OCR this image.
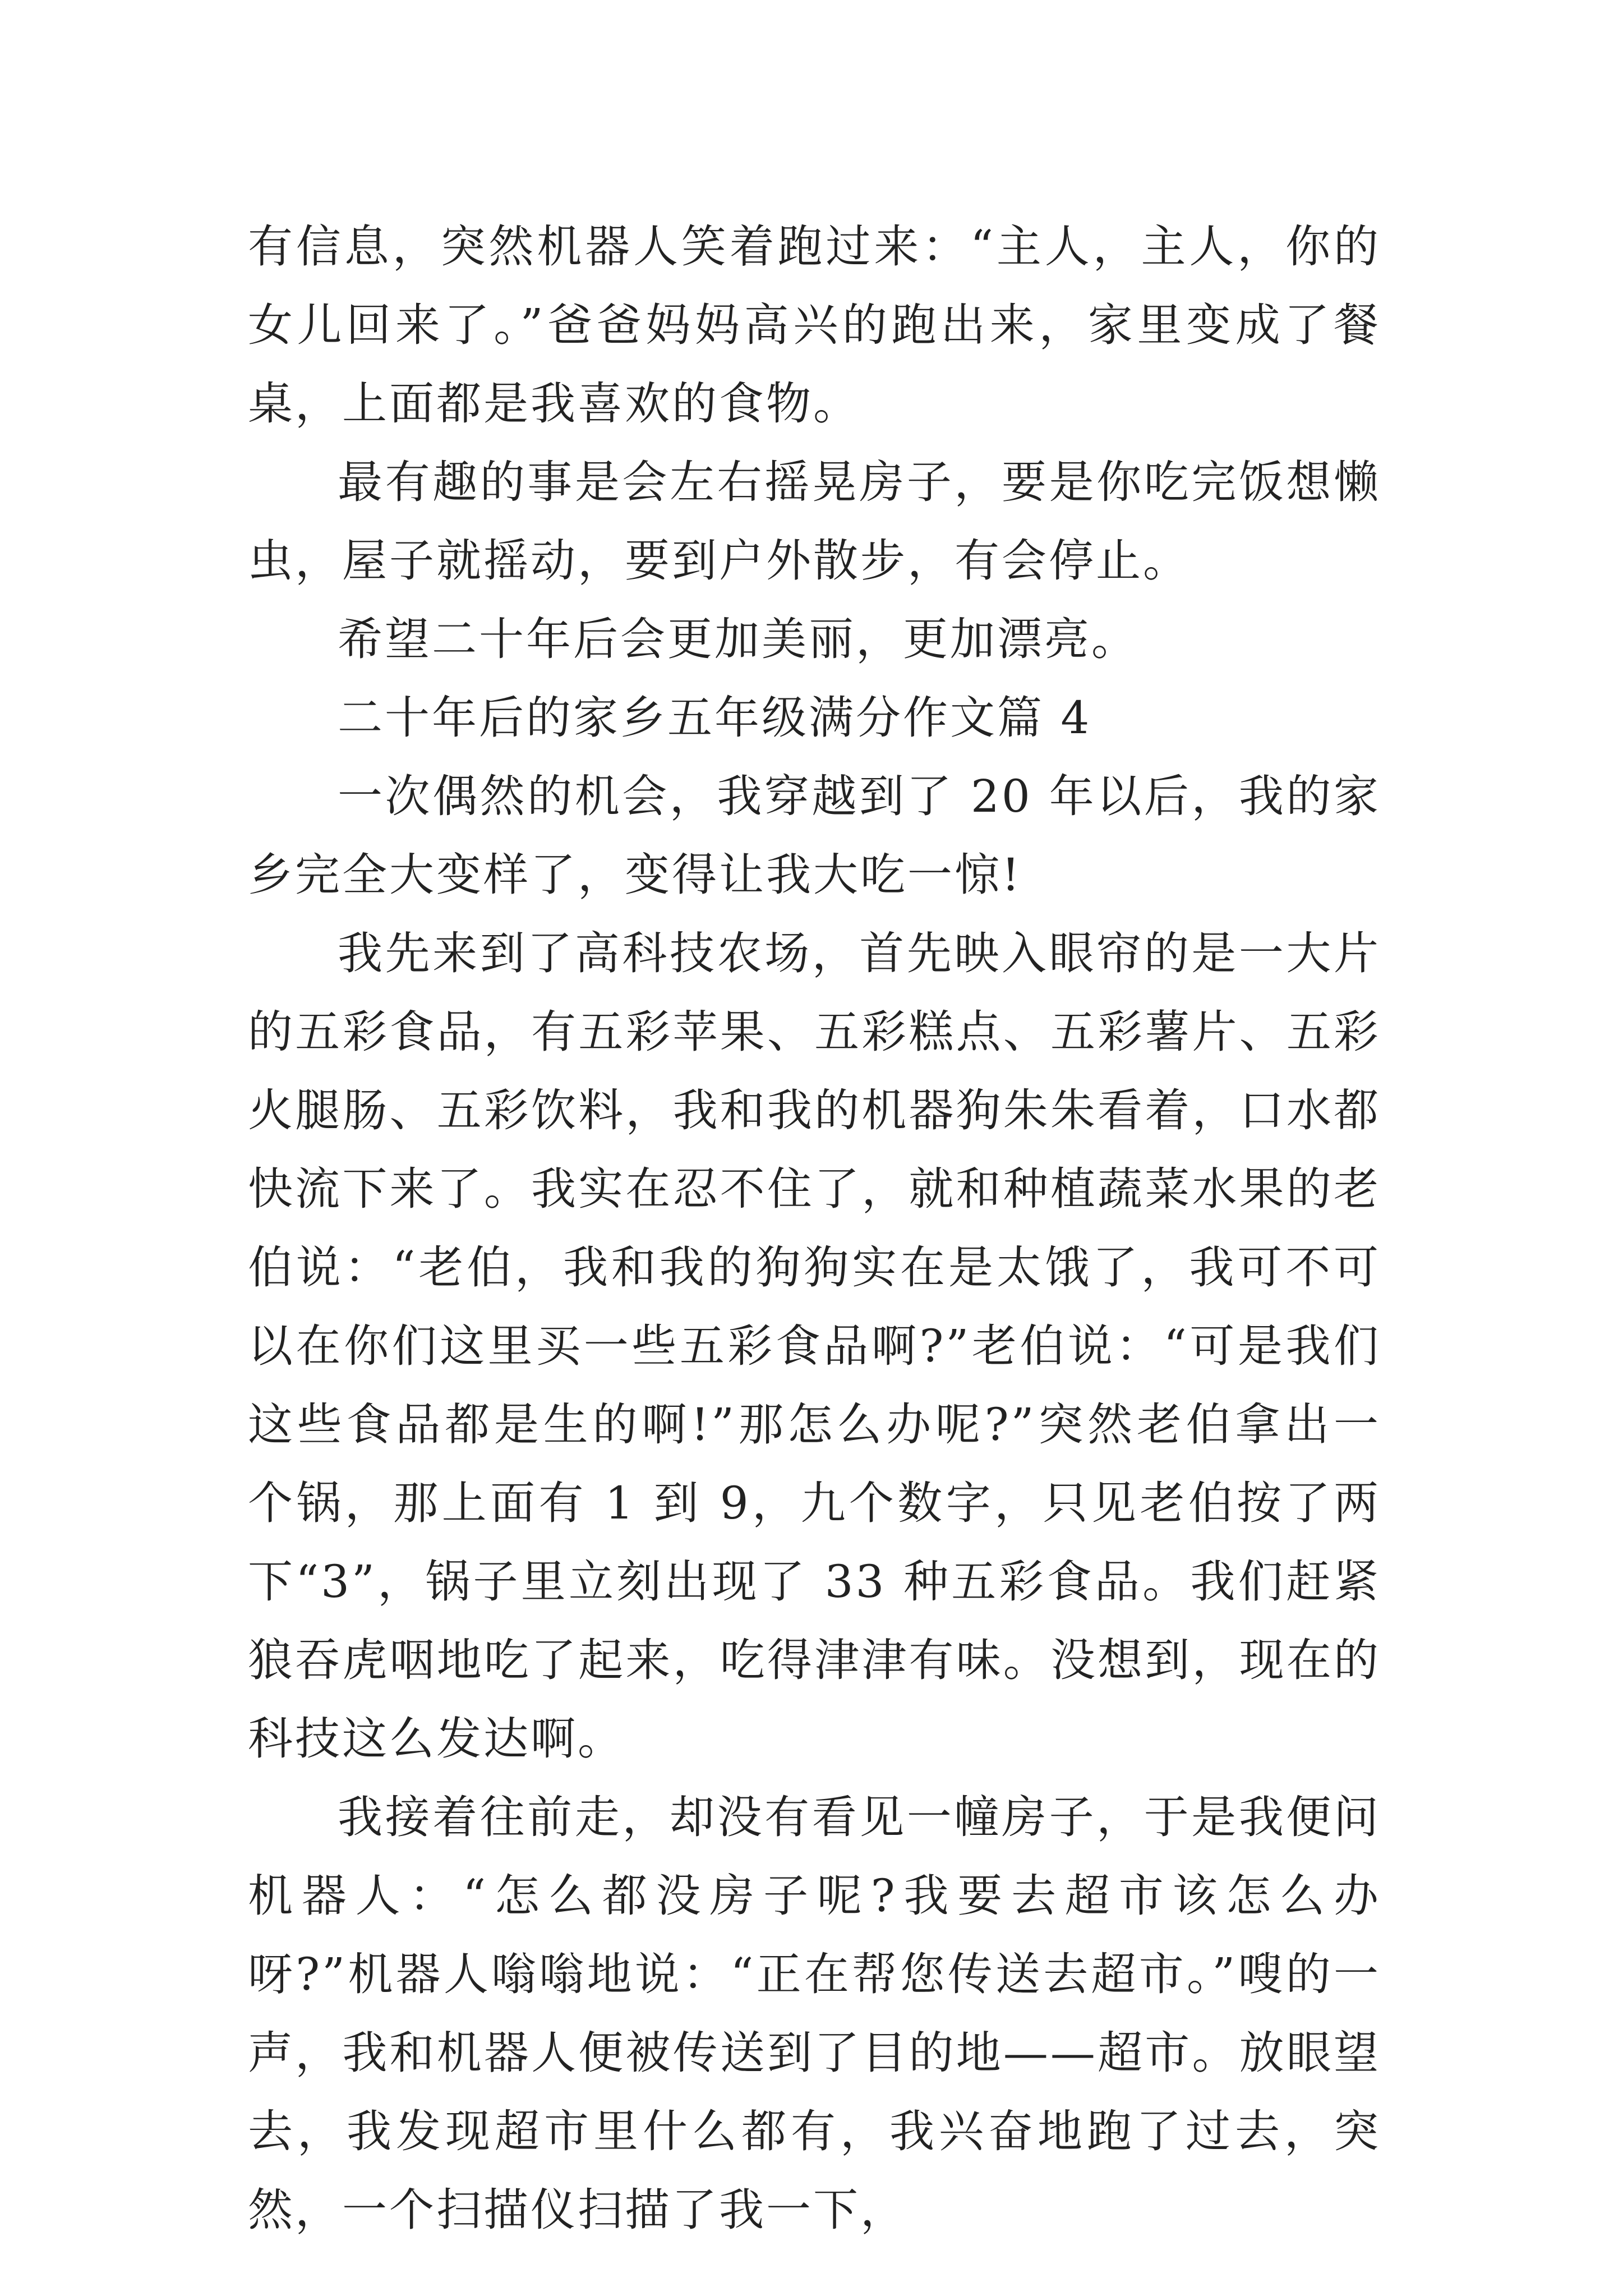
有信息，突然机器人笑着跑过来：“主人，主人，你的女儿回来了。”爸爸妈妈高兴的跑出来，家里变成了餐桌，上面都是我喜欢的食物。

最有趣的事是会左右摇晃房子，要是你吃完饭想懒虫，屋子就摇动，要到户外散步，有会停止。

希望二十年后会更加美丽，更加漂亮。

二十年后的家乡五年级满分作文篇 4

一次偶然的机会，我穿越到了 20 年以后，我的家乡完全大变样了，变得让我大吃一惊!

我先来到了高科技农场，首先映入眼帘的是一大片的五彩食品，有五彩苹果、五彩糕点、五彩薯片、五彩火腿肠、五彩饮料，我和我的机器狗朱朱看着，口水都快流下来了。我实在忍不住了，就和种植蔬菜水果的老伯说：“老伯，我和我的狗狗实在是太饿了，我可不可以在你们这里买一些五彩食品啊?”老伯说：“可是我们这些食品都是生的啊!”那怎么办呢?”突然老伯拿出一个锅，那上面有 1 到 9，九个数字，只见老伯按了两下“3”，锅子里立刻出现了 33 种五彩食品。我们赶紧狼吞虎咽地吃了起来，吃得津津有味。没想到，现在的科技这么发达啊。

我接着往前走，却没有看见一幢房子，于是我便问机器人：“怎么都没房子呢?我要去超市该怎么办呀?”机器人嗡嗡地说：“正在帮您传送去超市。”嗖的一声，我和机器人便被传送到了目的地——超市。放眼望去，我发现超市里什么都有，我兴奋地跑了过去，突然，一个扫描仪扫描了我一下，
